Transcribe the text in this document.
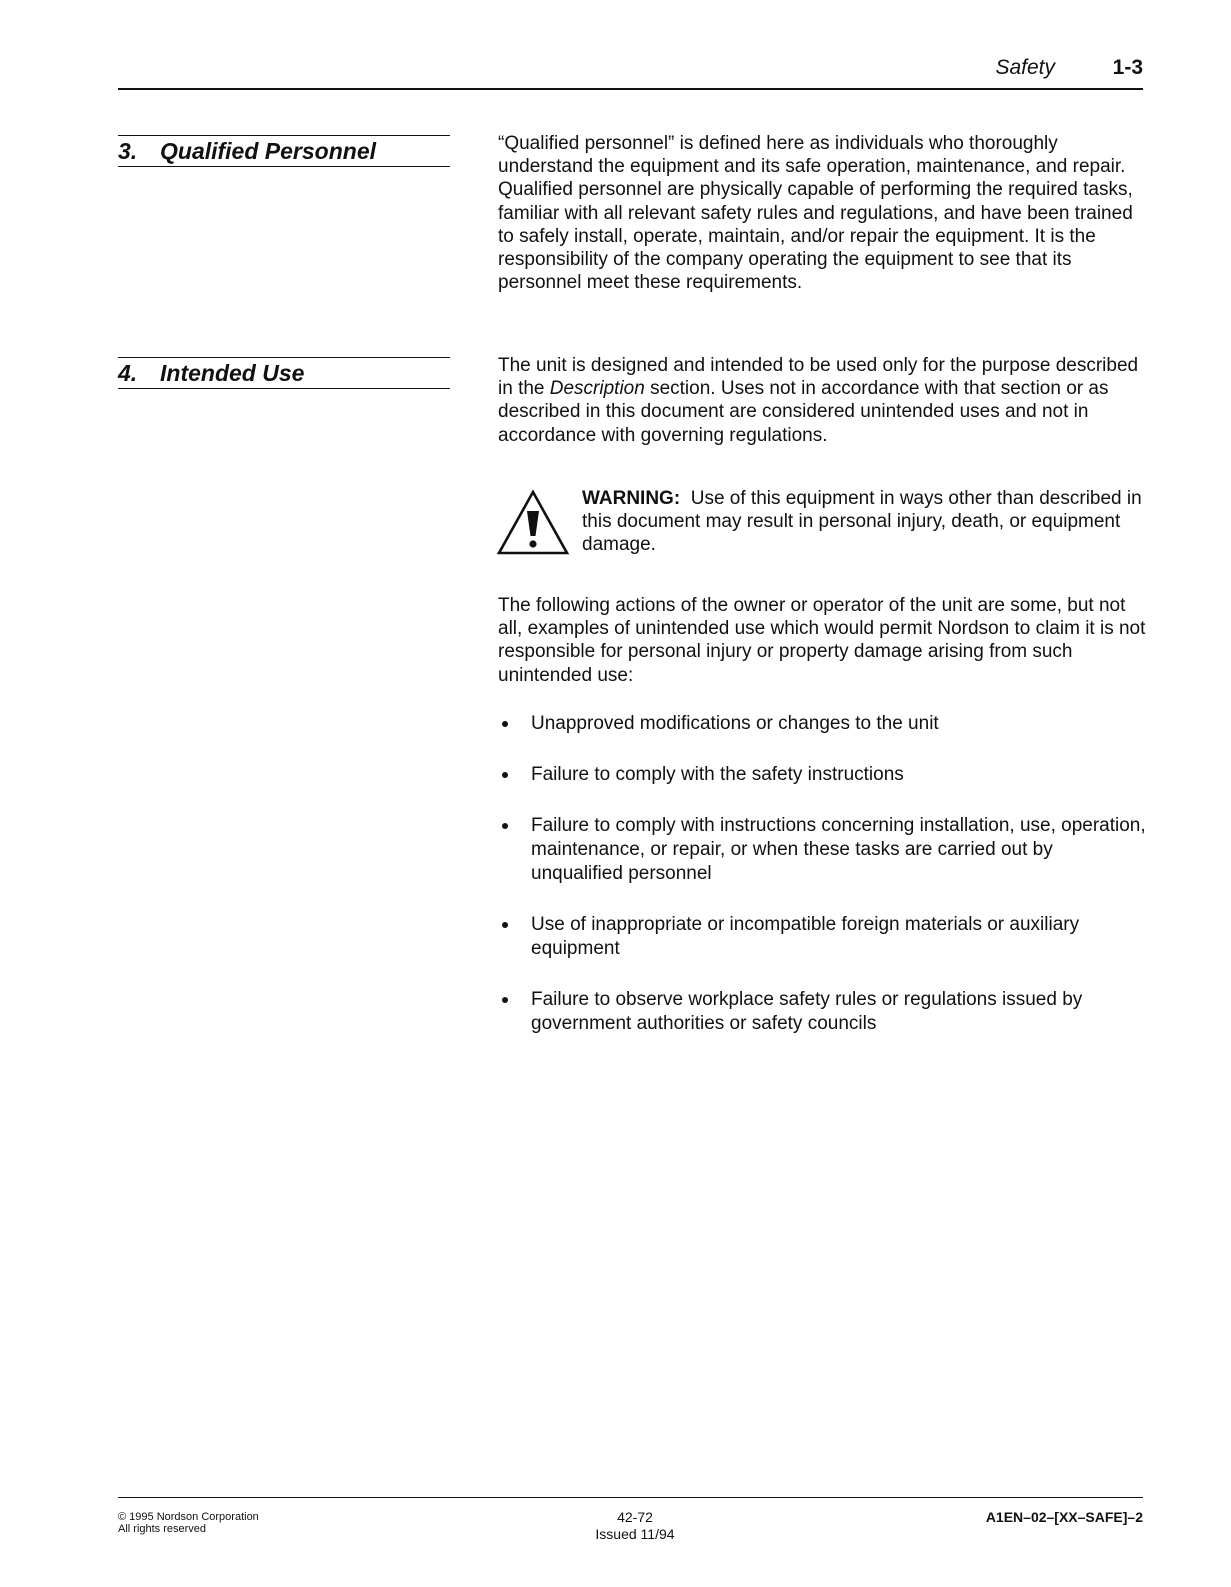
Safety	1-3
3. Qualified Personnel	“Qualified personnel” is defined here as individuals who thoroughly understand the equipment and its safe operation, maintenance, and repair. Qualified personnel are physically capable of performing the required tasks, familiar with all relevant safety rules and regulations, and have been trained to safely install, operate, maintain, and/or repair the equipment. It is the responsibility of the company operating the equipment to see that its personnel meet these requirements.
4. Intended Use	The unit is designed and intended to be used only for the purpose described in the Description section. Uses not in accordance with that section or as described in this document are considered unintended uses and not in accordance with governing regulations.
WARNING: Use of this equipment in ways other than described in this document may result in personal injury, death, or equipment damage.
The following actions of the owner or operator of the unit are some, but not all, examples of unintended use which would permit Nordson to claim it is not responsible for personal injury or property damage arising from such unintended use:
Unapproved modifications or changes to the unit
Failure to comply with the safety instructions
Failure to comply with instructions concerning installation, use, operation, maintenance, or repair, or when these tasks are carried out by unqualified personnel
Use of inappropriate or incompatible foreign materials or auxiliary equipment
Failure to observe workplace safety rules or regulations issued by government authorities or safety councils
© 1995 Nordson Corporation
All rights reserved
42-72
Issued 11/94
A1EN–02–[XX–SAFE]–2
